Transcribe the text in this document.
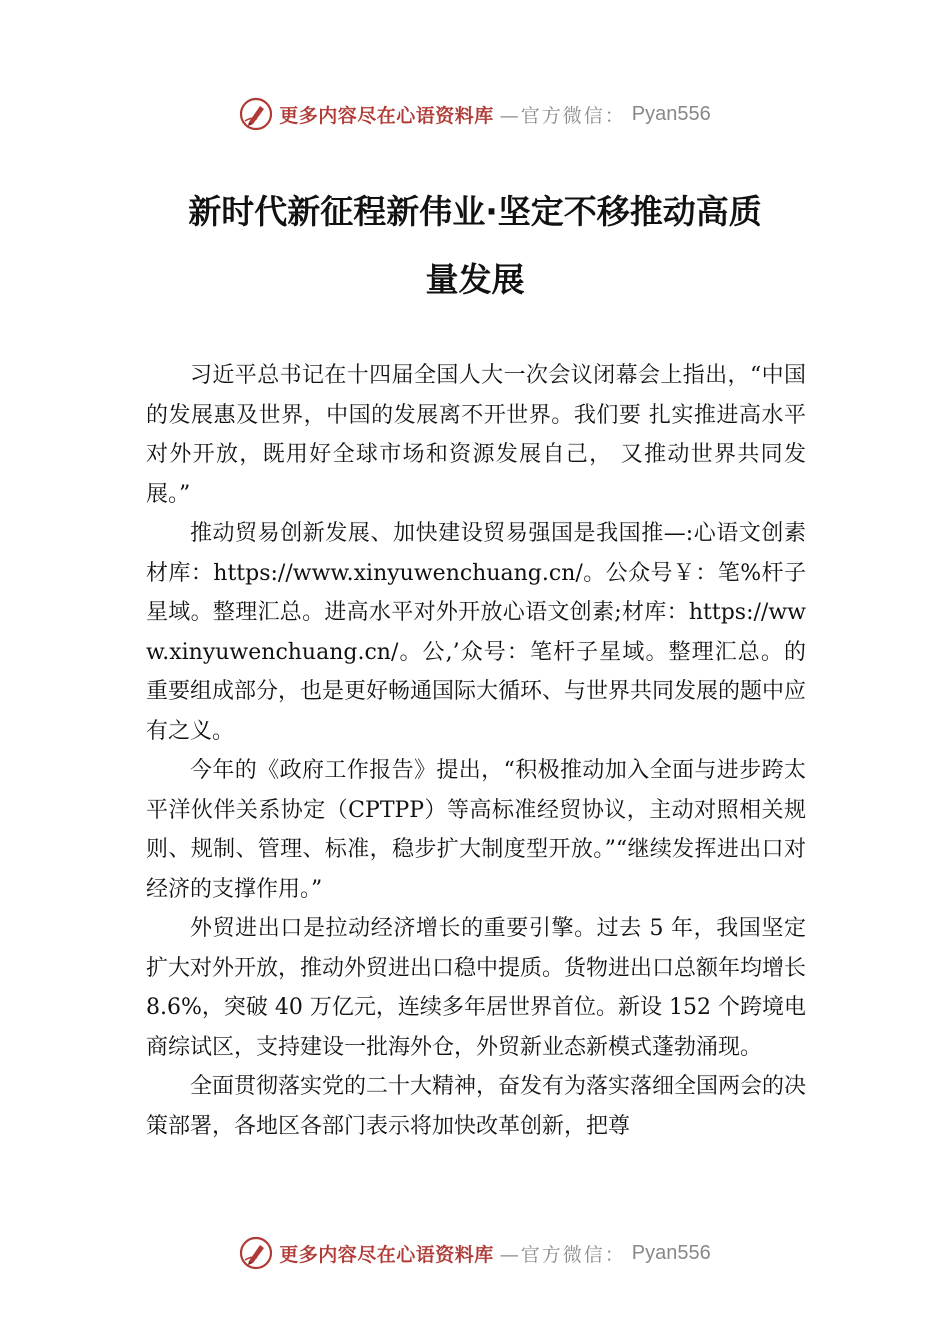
更多内容尽在心语资料库 —官方微信： Pyan556
新时代新征程新伟业·坚定不移推动高质
量发展

习近平总书记在十四届全国人大一次会议闭幕会上指出，“中国的发展惠及世界，中国的发展离不开世界。我们要 扎实推进高水平对外开放，既用好全球市场和资源发展自己， 又推动世界共同发展。”

推动贸易创新发展、加快建设贸易强国是我国推—:心语文创素材库：https://www.xinyuwenchuang.cn/。公众号￥：笔%杆子星域。整理汇总。进高水平对外开放心语文创素;材库：https://www.xinyuwenchuang.cn/。公,’众号：笔杆子星域。整理汇总。的重要组成部分，也是更好畅通国际大循环、与世界共同发展的题中应有之义。

今年的《政府工作报告》提出，“积极推动加入全面与进步跨太平洋伙伴关系协定（CPTPP）等高标准经贸协议，主动对照相关规则、规制、管理、标准，稳步扩大制度型开放。”“继续发挥进出口对经济的支撑作用。”

外贸进出口是拉动经济增长的重要引擎。过去 5 年，我国坚定扩大对外开放，推动外贸进出口稳中提质。货物进出口总额年均增长 8.6%，突破 40 万亿元，连续多年居世界首位。新设 152 个跨境电商综试区，支持建设一批海外仓，外贸新业态新模式蓬勃涌现。

全面贯彻落实党的二十大精神，奋发有为落实落细全国两会的决策部署，各地区各部门表示将加快改革创新，把尊

更多内容尽在心语资料库 —官方微信： Pyan556
